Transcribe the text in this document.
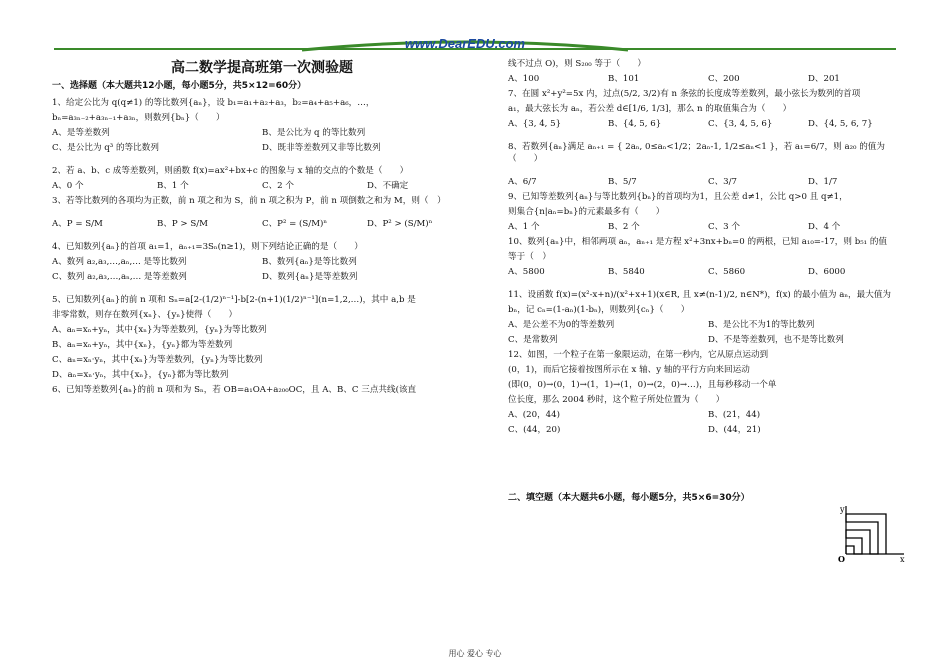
www.DearEDU.com
高二数学提高班第一次测验题
一、选择题（本大题共12小题，每小题5分，共5×12=60分）
1、给定公比为 q(q≠1) 的等比数列{aₙ}，设 b₁=a₁+a₂+a₃，b₂=a₄+a₅+a₆，…，
bₙ=a₃ₙ₋₂+a₃ₙ₋₁+a₃ₙ，则数列{bₙ}（　　）
A、是等差数列	B、是公比为 q 的等比数列
C、是公比为 q³ 的等比数列	D、既非等差数列又非等比数列
2、若 a、b、c 成等差数列，则函数 f(x)=ax²+bx+c 的图象与 x 轴的交点的个数是（　　）
A、0 个	B、1 个	C、2 个	D、不确定
3、若等比数列的各项均为正数，前 n 项之和为 S，前 n 项之积为 P，前 n 项倒数之和为 M，则（　）
A、P = S/M	B、P > S/M	C、P² = (S/M)ⁿ	D、P² > (S/M)ⁿ
4、已知数列{aₙ}的首项 a₁=1，aₙ₊₁=3Sₙ(n≥1)，则下列结论正确的是（　　）
A、数列 a₂,a₃,…,aₙ,… 是等比数列	B、数列{aₙ}是等比数列
C、数列 a₂,a₃,…,aₙ,… 是等差数列	D、数列{aₙ}是等差数列
5、已知数列{aₙ}的前 n 项和 Sₙ=a[2-(1/2)ⁿ⁻¹]-b[2-(n+1)(1/2)ⁿ⁻¹](n=1,2,…)，其中 a,b 是
非零常数，则存在数列{xₙ}、{yₙ}使得（　　）
A、aₙ=xₙ+yₙ，其中{xₙ}为等差数列，{yₙ}为等比数列
B、aₙ=xₙ+yₙ，其中{xₙ}，{yₙ}都为等差数列
C、aₙ=xₙ·yₙ，其中{xₙ}为等差数列，{yₙ}为等比数列
D、aₙ=xₙ·yₙ，其中{xₙ}，{yₙ}都为等比数列
6、已知等差数列{aₙ}的前 n 项和为 Sₙ，若 OB=a₁OA+a₂₀₀OC，且 A、B、C 三点共线(该直
线不过点 O)，则 S₂₀₀ 等于（　　）
A、100	B、101	C、200	D、201
7、在圆 x²+y²=5x 内，过点(5/2, 3/2)有 n 条弦的长度成等差数列，最小弦长为数列的首项
a₁，最大弦长为 aₙ，若公差 d∈[1/6, 1/3]，那么 n 的取值集合为（　　）
A、{3, 4, 5}	B、{4, 5, 6}	C、{3, 4, 5, 6}	D、{4, 5, 6, 7}
8、若数列{aₙ}满足 aₙ₊₁ = { 2aₙ, 0≤aₙ<1/2；2aₙ-1, 1/2≤aₙ<1 }，若 a₁=6/7，则 a₂₀ 的值为（　　）
A、6/7	B、5/7	C、3/7	D、1/7
9、已知等差数列{aₙ}与等比数列{bₙ}的首项均为1，且公差 d≠1，公比 q>0 且 q≠1，
则集合{n|aₙ=bₙ}的元素最多有（　　）
A、1 个	B、2 个	C、3 个	D、4 个
10、数列{aₙ}中，相邻两项 aₙ，aₙ₊₁ 是方程 x²+3nx+bₙ=0 的两根，已知 a₁₀=-17，则 b₅₁ 的值
等于（　）
A、5800	B、5840	C、5860	D、6000
11、设函数 f(x)=(x²-x+n)/(x²+x+1)(x∈R, 且 x≠(n-1)/2, n∈N*)，f(x) 的最小值为 aₙ，最大值为
bₙ，记 cₙ=(1-aₙ)(1-bₙ)，则数列{cₙ}（　　）
A、是公差不为0的等差数列	B、是公比不为1的等比数列
C、是常数列	D、不是等差数列，也不是等比数列
12、如图，一个粒子在第一象限运动，在第一秒内，它从原点运动到
(0，1)，而后它接着按图所示在 x 轴、y 轴的平行方向来回运动
(即(0，0)→(0，1)→(1，1)→(1，0)→(2，0)→…)，且每秒移动一个单
位长度，那么 2004 秒时，这个粒子所处位置为（　　）
A、(20，44)	B、(21，44)
C、(44，20)	D、(44，21)
二、填空题（本大题共6小题，每小题5分，共5×6=30分）
x
y
O
用心 爱心 专心
